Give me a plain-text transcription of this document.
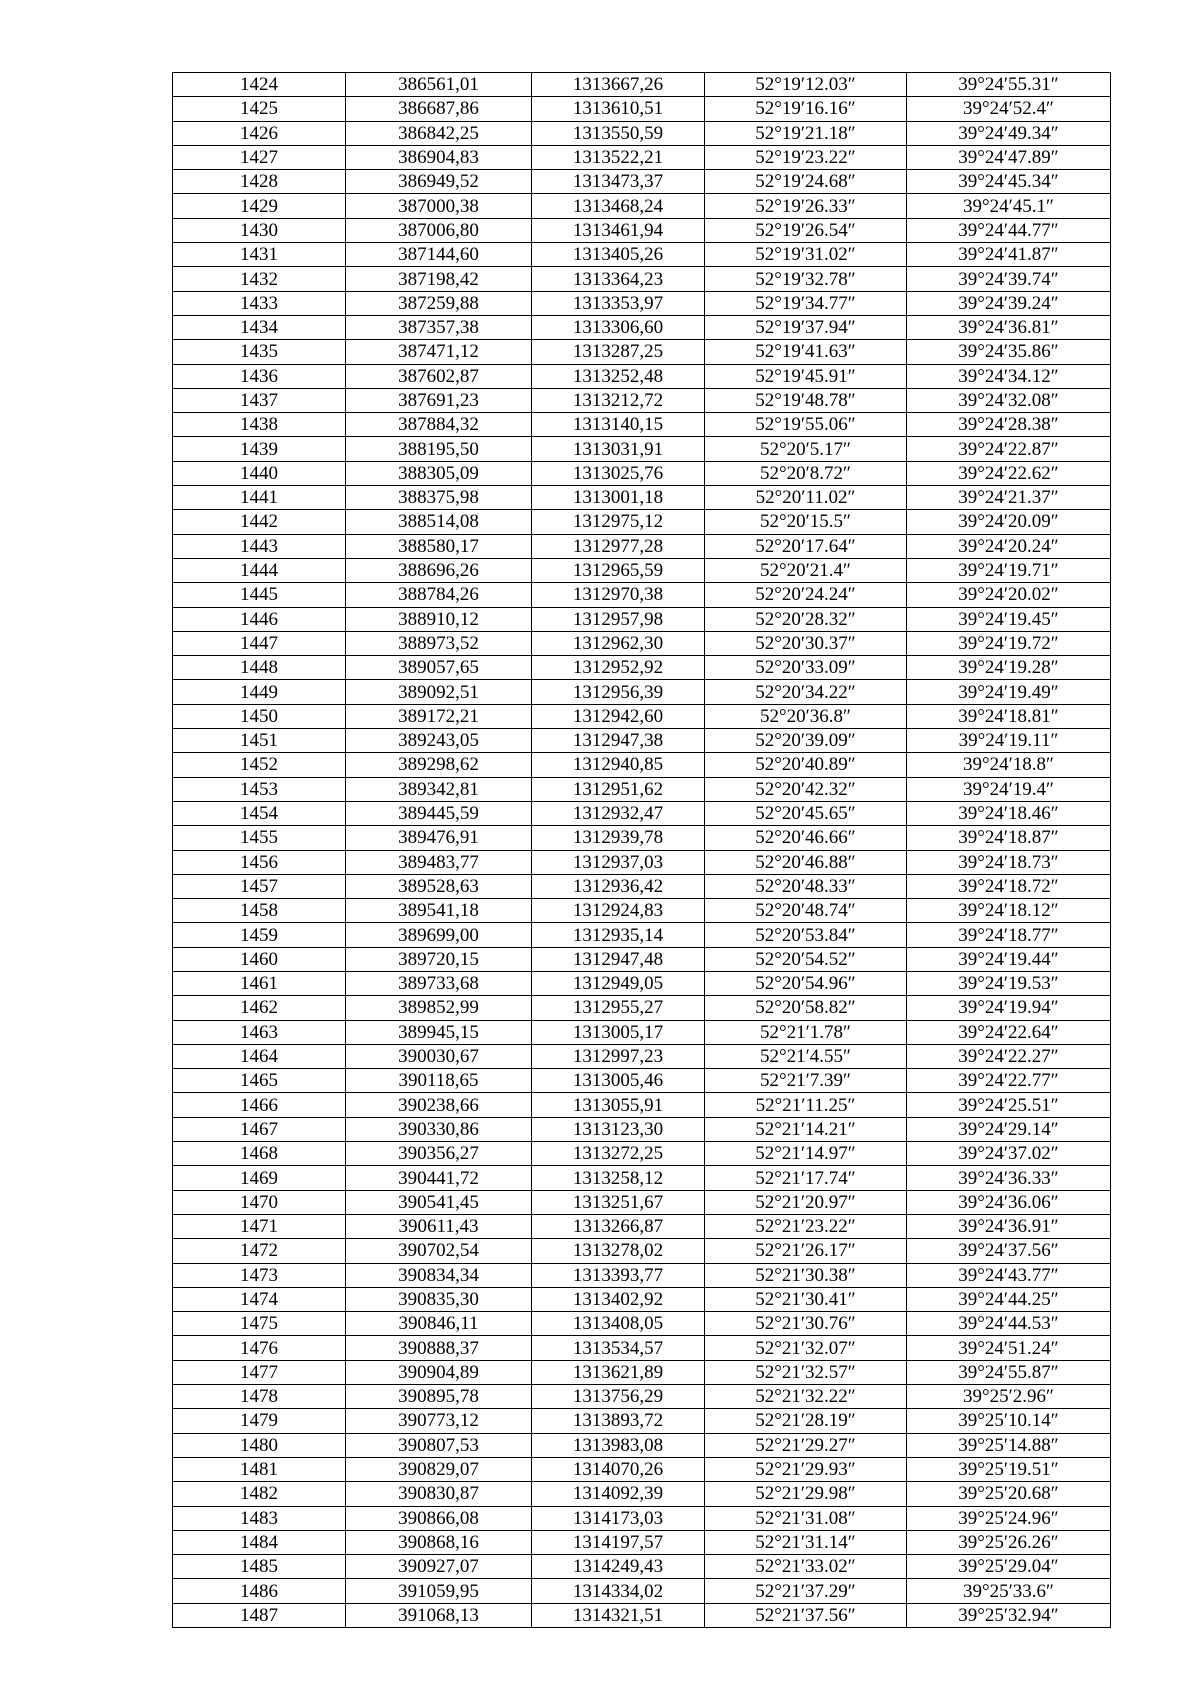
1424	386561,01	1313667,26	52°19′12.03″	39°24′55.31″
1425	386687,86	1313610,51	52°19′16.16″	39°24′52.4″
1426	386842,25	1313550,59	52°19′21.18″	39°24′49.34″
1427	386904,83	1313522,21	52°19′23.22″	39°24′47.89″
1428	386949,52	1313473,37	52°19′24.68″	39°24′45.34″
1429	387000,38	1313468,24	52°19′26.33″	39°24′45.1″
1430	387006,80	1313461,94	52°19′26.54″	39°24′44.77″
1431	387144,60	1313405,26	52°19′31.02″	39°24′41.87″
1432	387198,42	1313364,23	52°19′32.78″	39°24′39.74″
1433	387259,88	1313353,97	52°19′34.77″	39°24′39.24″
1434	387357,38	1313306,60	52°19′37.94″	39°24′36.81″
1435	387471,12	1313287,25	52°19′41.63″	39°24′35.86″
1436	387602,87	1313252,48	52°19′45.91″	39°24′34.12″
1437	387691,23	1313212,72	52°19′48.78″	39°24′32.08″
1438	387884,32	1313140,15	52°19′55.06″	39°24′28.38″
1439	388195,50	1313031,91	52°20′5.17″	39°24′22.87″
1440	388305,09	1313025,76	52°20′8.72″	39°24′22.62″
1441	388375,98	1313001,18	52°20′11.02″	39°24′21.37″
1442	388514,08	1312975,12	52°20′15.5″	39°24′20.09″
1443	388580,17	1312977,28	52°20′17.64″	39°24′20.24″
1444	388696,26	1312965,59	52°20′21.4″	39°24′19.71″
1445	388784,26	1312970,38	52°20′24.24″	39°24′20.02″
1446	388910,12	1312957,98	52°20′28.32″	39°24′19.45″
1447	388973,52	1312962,30	52°20′30.37″	39°24′19.72″
1448	389057,65	1312952,92	52°20′33.09″	39°24′19.28″
1449	389092,51	1312956,39	52°20′34.22″	39°24′19.49″
1450	389172,21	1312942,60	52°20′36.8″	39°24′18.81″
1451	389243,05	1312947,38	52°20′39.09″	39°24′19.11″
1452	389298,62	1312940,85	52°20′40.89″	39°24′18.8″
1453	389342,81	1312951,62	52°20′42.32″	39°24′19.4″
1454	389445,59	1312932,47	52°20′45.65″	39°24′18.46″
1455	389476,91	1312939,78	52°20′46.66″	39°24′18.87″
1456	389483,77	1312937,03	52°20′46.88″	39°24′18.73″
1457	389528,63	1312936,42	52°20′48.33″	39°24′18.72″
1458	389541,18	1312924,83	52°20′48.74″	39°24′18.12″
1459	389699,00	1312935,14	52°20′53.84″	39°24′18.77″
1460	389720,15	1312947,48	52°20′54.52″	39°24′19.44″
1461	389733,68	1312949,05	52°20′54.96″	39°24′19.53″
1462	389852,99	1312955,27	52°20′58.82″	39°24′19.94″
1463	389945,15	1313005,17	52°21′1.78″	39°24′22.64″
1464	390030,67	1312997,23	52°21′4.55″	39°24′22.27″
1465	390118,65	1313005,46	52°21′7.39″	39°24′22.77″
1466	390238,66	1313055,91	52°21′11.25″	39°24′25.51″
1467	390330,86	1313123,30	52°21′14.21″	39°24′29.14″
1468	390356,27	1313272,25	52°21′14.97″	39°24′37.02″
1469	390441,72	1313258,12	52°21′17.74″	39°24′36.33″
1470	390541,45	1313251,67	52°21′20.97″	39°24′36.06″
1471	390611,43	1313266,87	52°21′23.22″	39°24′36.91″
1472	390702,54	1313278,02	52°21′26.17″	39°24′37.56″
1473	390834,34	1313393,77	52°21′30.38″	39°24′43.77″
1474	390835,30	1313402,92	52°21′30.41″	39°24′44.25″
1475	390846,11	1313408,05	52°21′30.76″	39°24′44.53″
1476	390888,37	1313534,57	52°21′32.07″	39°24′51.24″
1477	390904,89	1313621,89	52°21′32.57″	39°24′55.87″
1478	390895,78	1313756,29	52°21′32.22″	39°25′2.96″
1479	390773,12	1313893,72	52°21′28.19″	39°25′10.14″
1480	390807,53	1313983,08	52°21′29.27″	39°25′14.88″
1481	390829,07	1314070,26	52°21′29.93″	39°25′19.51″
1482	390830,87	1314092,39	52°21′29.98″	39°25′20.68″
1483	390866,08	1314173,03	52°21′31.08″	39°25′24.96″
1484	390868,16	1314197,57	52°21′31.14″	39°25′26.26″
1485	390927,07	1314249,43	52°21′33.02″	39°25′29.04″
1486	391059,95	1314334,02	52°21′37.29″	39°25′33.6″
1487	391068,13	1314321,51	52°21′37.56″	39°25′32.94″
